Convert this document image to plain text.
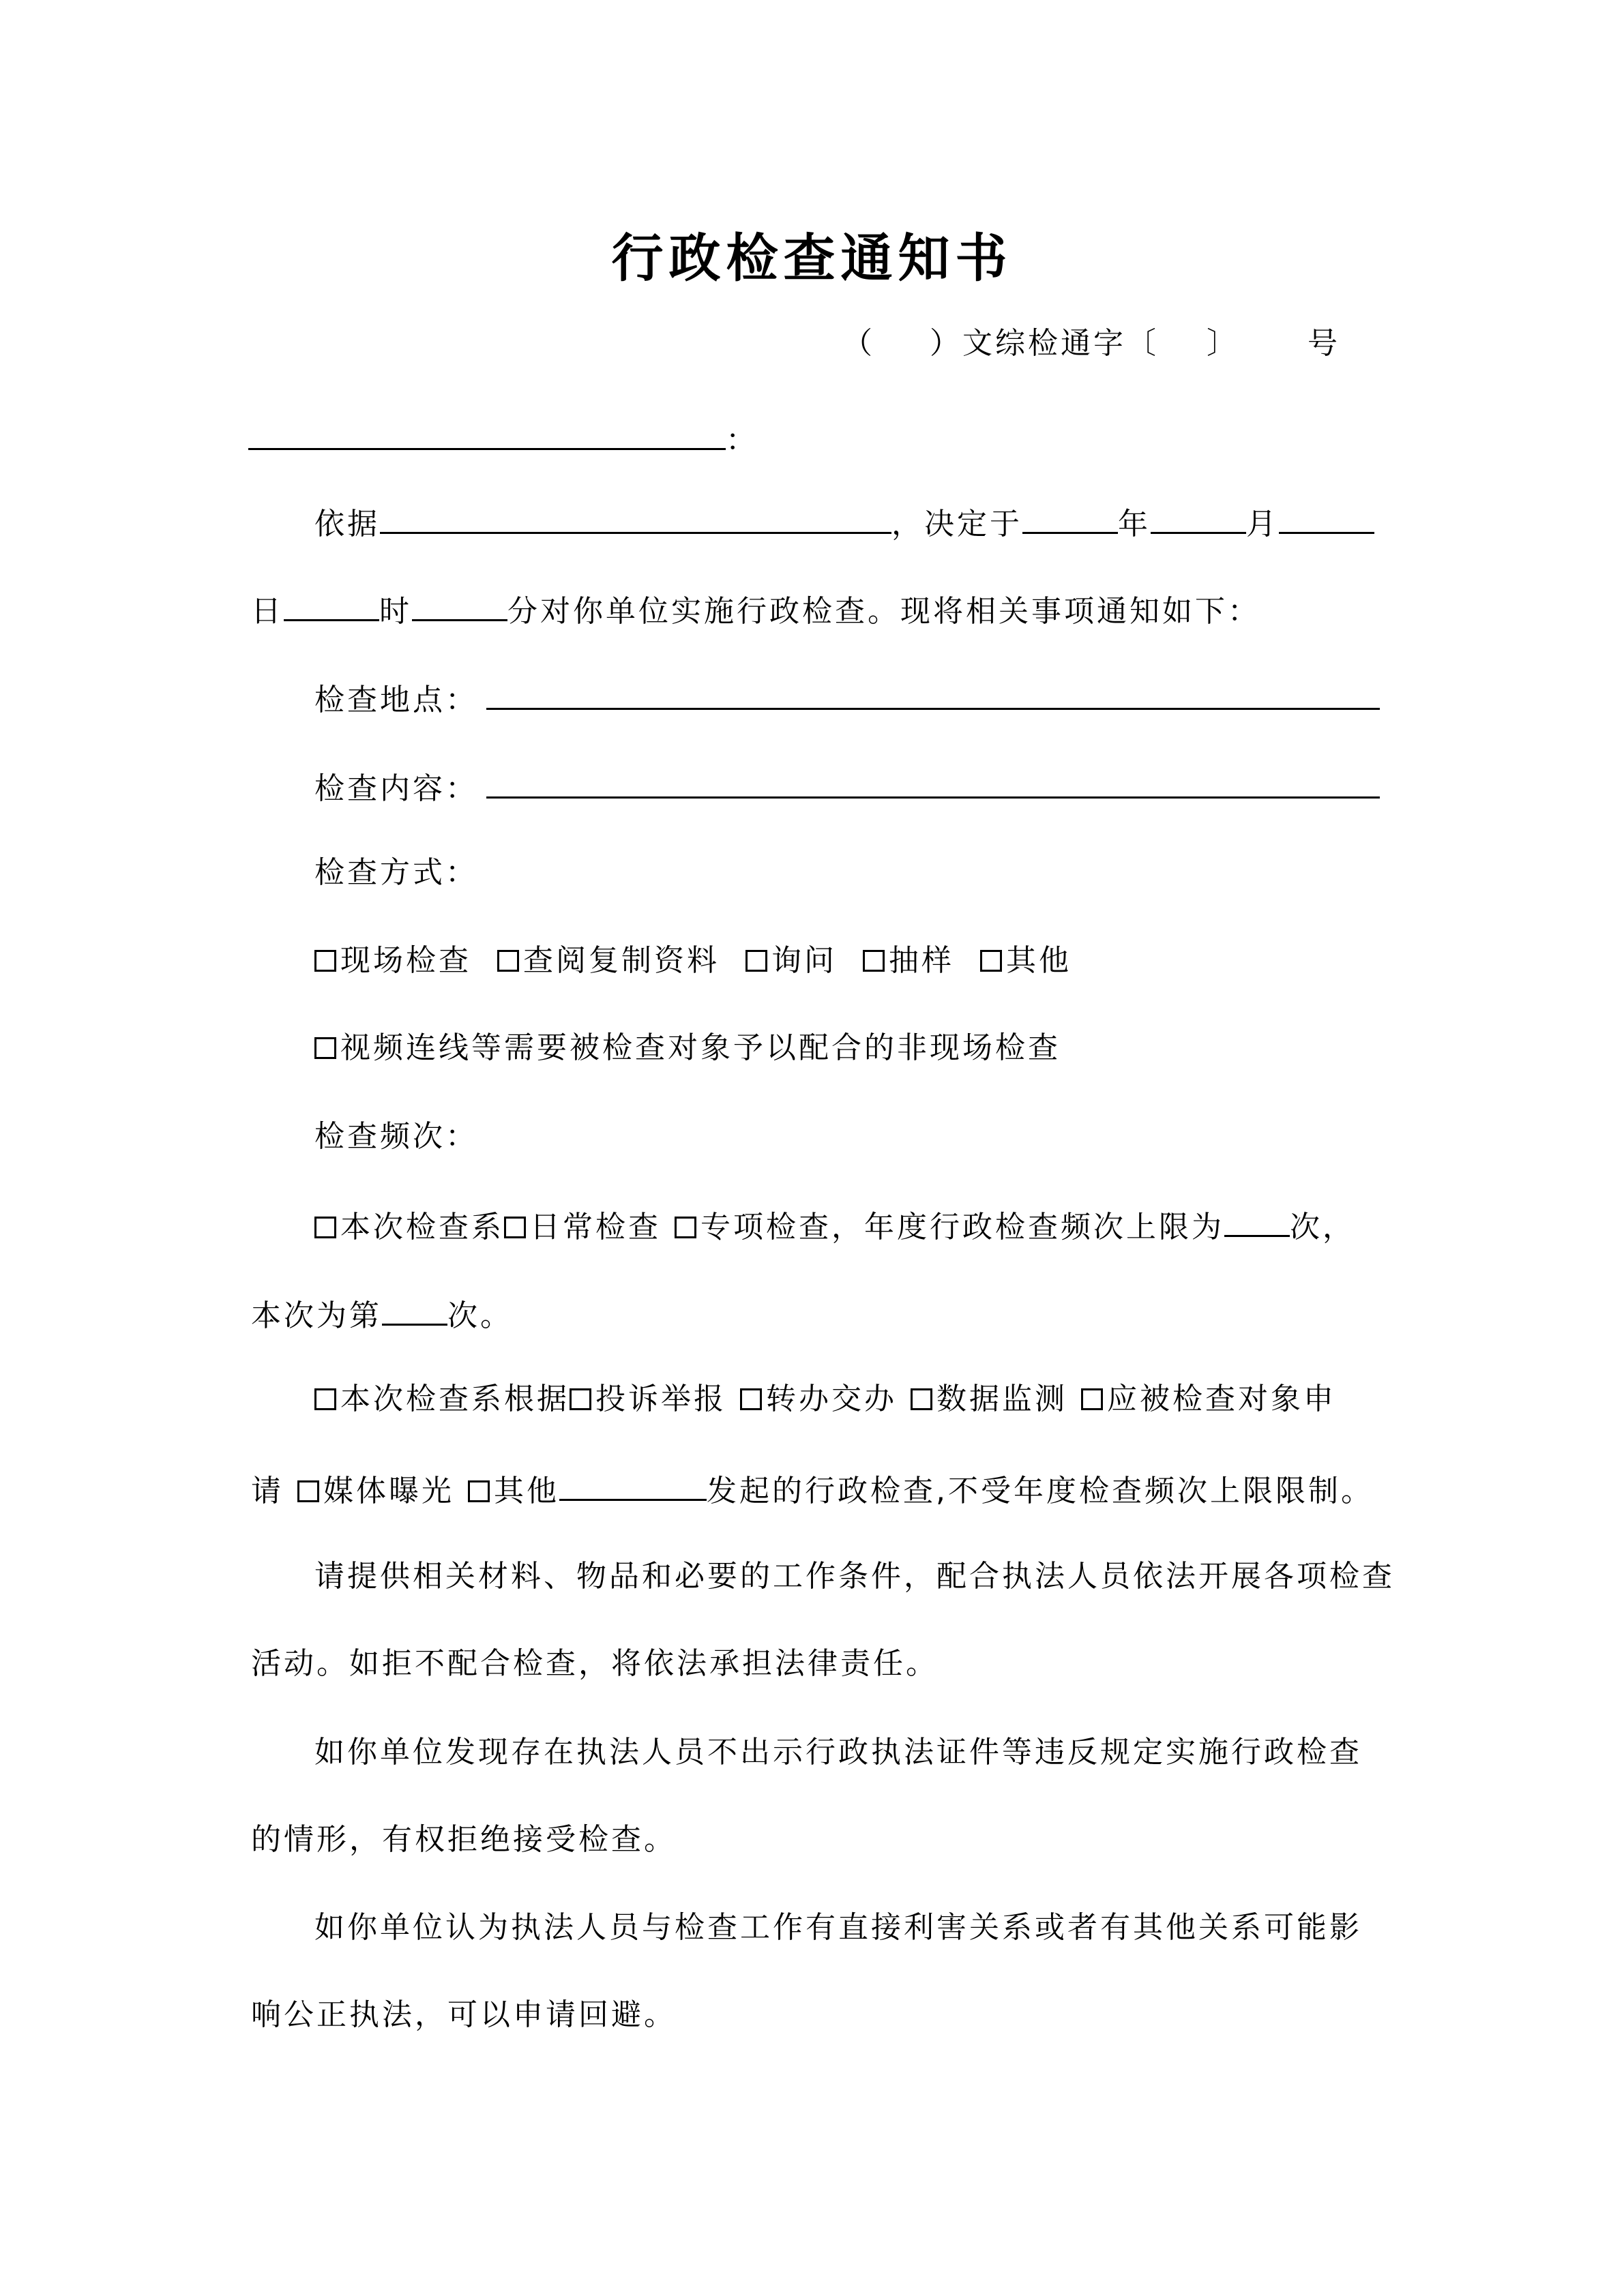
行政检查通知书
（ ）文综检通字〔 〕 号
：
依据	，决定于	年	月
日	时	分对你单位实施行政检查。现将相关事项通知如下：
检查地点：
检查内容：
检查方式：
现场检查 查阅复制资料 询问 抽样 其他
视频连线等需要被检查对象予以配合的非现场检查
检查频次：
本次检查系 日常检查 专项检查，年度行政检查频次上限为 次，
本次为第 次。
本次检查系根据 投诉举报 转办交办 数据监测 应被检查对象申
请 媒体曝光 其他	发起的行政检查,不受年度检查频次上限限制。
请提供相关材料、物品和必要的工作条件，配合执法人员依法开展各项检查
活动。如拒不配合检查，将依法承担法律责任。
如你单位发现存在执法人员不出示行政执法证件等违反规定实施行政检查
的情形，有权拒绝接受检查。
如你单位认为执法人员与检查工作有直接利害关系或者有其他关系可能影
响公正执法，可以申请回避。
